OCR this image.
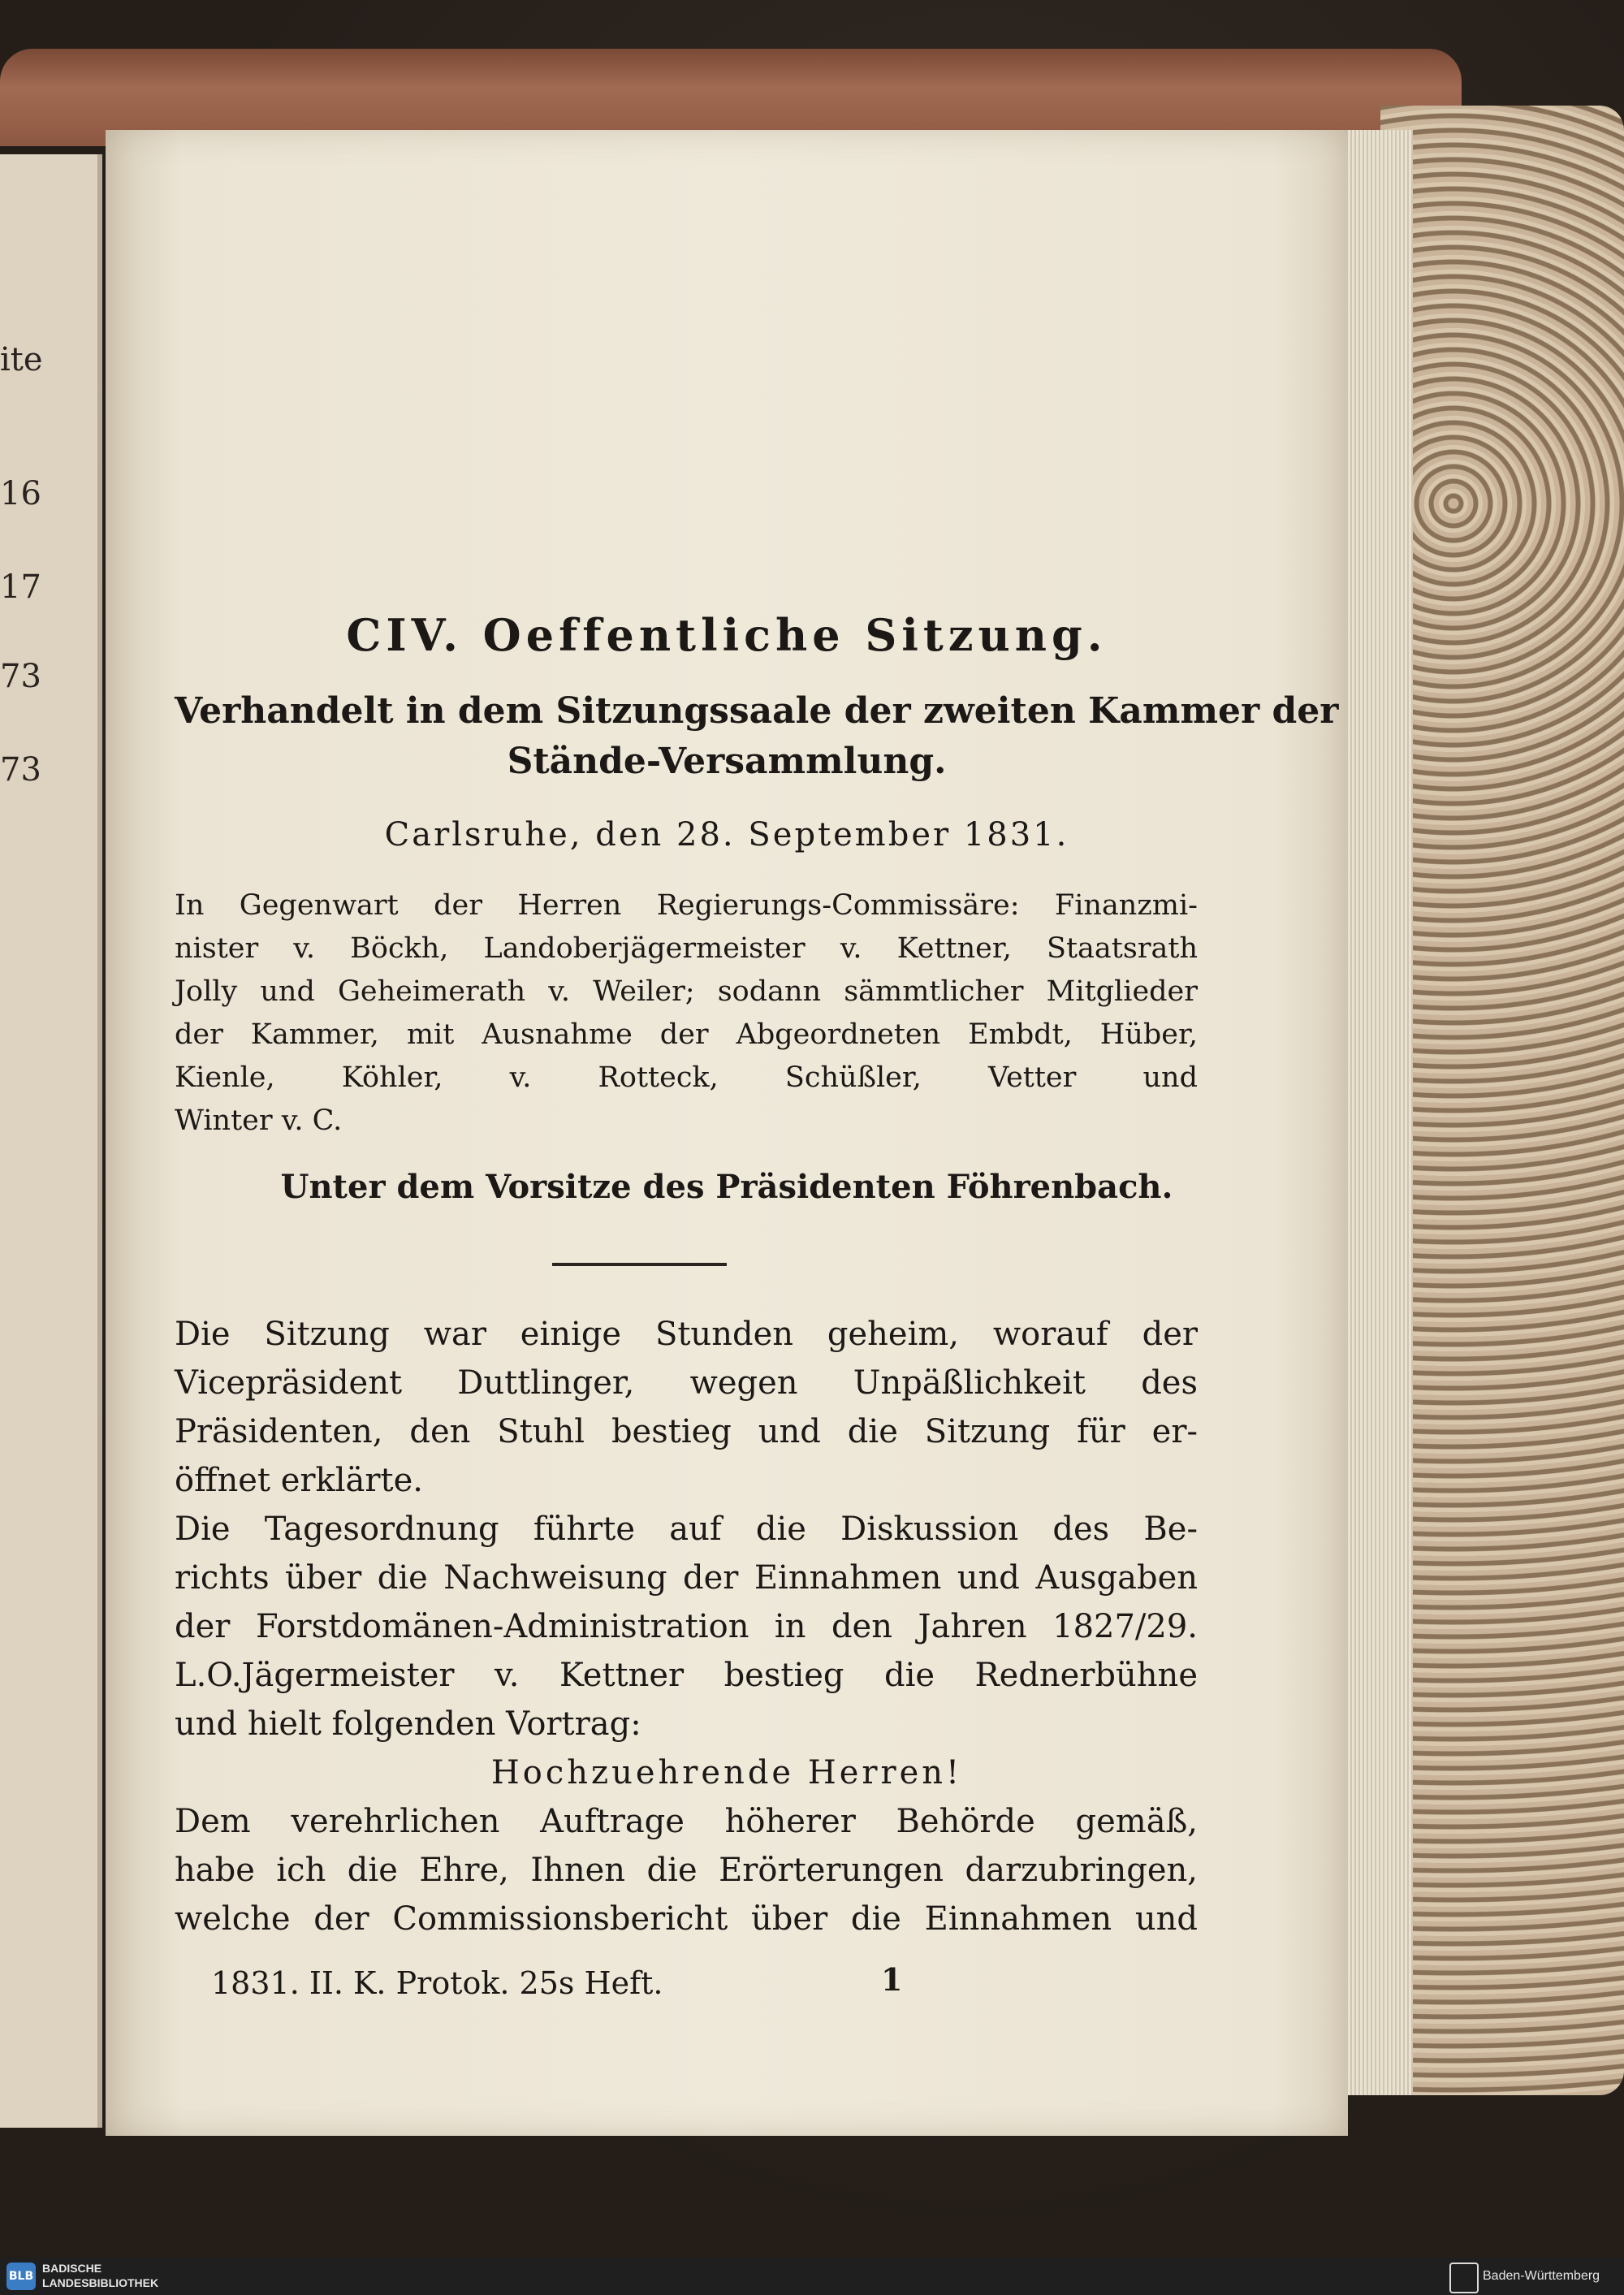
ite
16
17
73
73
CIV. Oeffentliche Sitzung.
Verhandelt in dem Sitzungssaale der zweiten Kammer der
Stände-Versammlung.
Carlsruhe, den 28. September 1831.
In Gegenwart der Herren Regierungs-Commissäre: Finanzmi-
nister v. Böckh, Landoberjägermeister v. Kettner, Staatsrath
Jolly und Geheimerath v. Weiler; sodann sämmtlicher Mitglieder
der Kammer, mit Ausnahme der Abgeordneten Embdt, Hüber,
Kienle, Köhler, v. Rotteck, Schüßler, Vetter und
Winter v. C.
Unter dem Vorsitze des Präsidenten Föhrenbach.
Die Sitzung war einige Stunden geheim, worauf der
Vicepräsident Duttlinger, wegen Unpäßlichkeit des
Präsidenten, den Stuhl bestieg und die Sitzung für er-
öffnet erklärte.
Die Tagesordnung führte auf die Diskussion des Be-
richts über die Nachweisung der Einnahmen und Ausgaben
der Forstdomänen-Administration in den Jahren 1827/29.
L.O.Jägermeister v. Kettner bestieg die Rednerbühne
und hielt folgenden Vortrag:
Hochzuehrende Herren!
Dem verehrlichen Auftrage höherer Behörde gemäß,
habe ich die Ehre, Ihnen die Erörterungen darzubringen,
welche der Commissionsbericht über die Einnahmen und
1831. II. K. Protok. 25s Heft.	1
BLB
BADISCHE
LANDESBIBLIOTHEK	Baden-Württemberg
